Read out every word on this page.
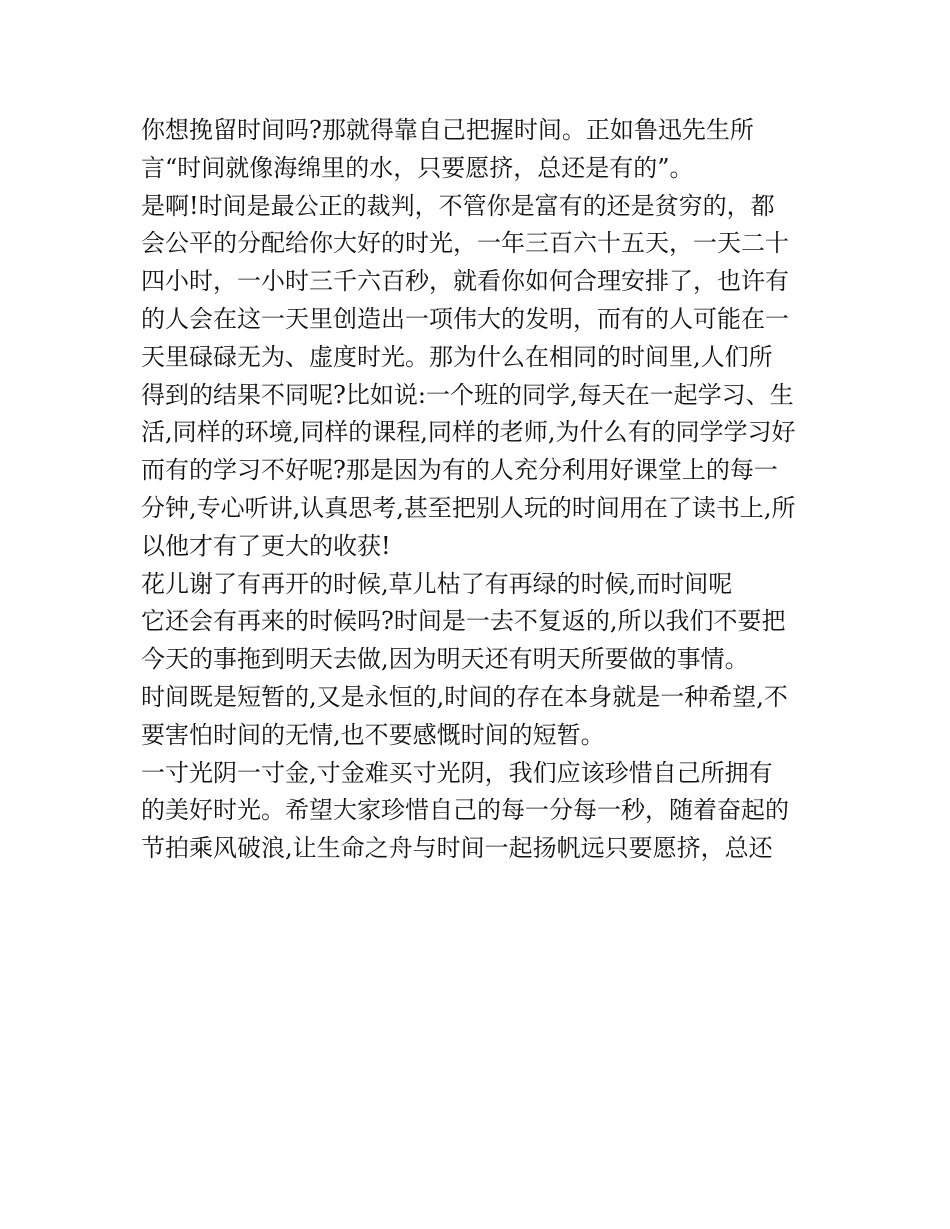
你想挽留时间吗?那就得靠自己把握时间。正如鲁迅先生所
言“时间就像海绵里的水，只要愿挤，总还是有的”。
是啊!时间是最公正的裁判，不管你是富有的还是贫穷的，都
会公平的分配给你大好的时光，一年三百六十五天，一天二十
四小时，一小时三千六百秒，就看你如何合理安排了，也许有
的人会在这一天里创造出一项伟大的发明，而有的人可能在一
天里碌碌无为、虚度时光。那为什么在相同的时间里,人们所
得到的结果不同呢?比如说:一个班的同学,每天在一起学习、生
活,同样的环境,同样的课程,同样的老师,为什么有的同学学习好
而有的学习不好呢?那是因为有的人充分利用好课堂上的每一
分钟,专心听讲,认真思考,甚至把别人玩的时间用在了读书上,所
以他才有了更大的收获!
花儿谢了有再开的时候,草儿枯了有再绿的时候,而时间呢
它还会有再来的时候吗?时间是一去不复返的,所以我们不要把
今天的事拖到明天去做,因为明天还有明天所要做的事情。
时间既是短暂的,又是永恒的,时间的存在本身就是一种希望,不
要害怕时间的无情,也不要感慨时间的短暂。
一寸光阴一寸金,寸金难买寸光阴，我们应该珍惜自己所拥有
的美好时光。希望大家珍惜自己的每一分每一秒，随着奋起的
节拍乘风破浪,让生命之舟与时间一起扬帆远只要愿挤，总还
